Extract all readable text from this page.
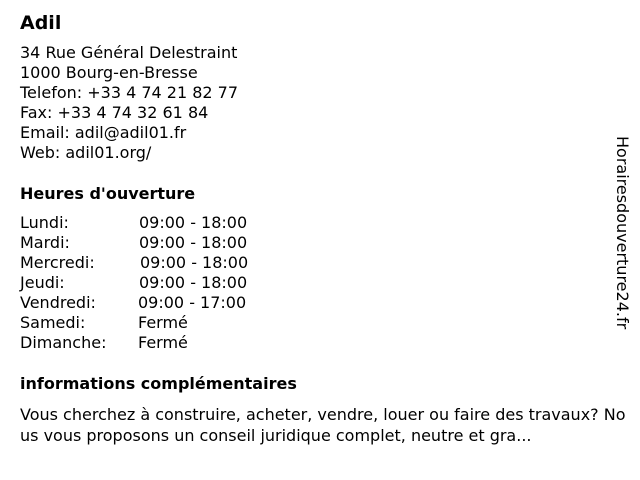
Adil
34 Rue Général Delestraint
1000 Bourg-en-Bresse
Telefon: +33 4 74 21 82 77
Fax: +33 4 74 32 61 84
Email: adil@adil01.fr
Web: adil01.org/
Heures d'ouverture
Lundi:	09:00 - 18:00
Mardi:	09:00 - 18:00
Mercredi:	09:00 - 18:00
Jeudi:	09:00 - 18:00
Vendredi:	09:00 - 17:00
Samedi:	Fermé
Dimanche: Fermé
informations complémentaires
Vous cherchez à construire, acheter, vendre, louer ou faire des travaux? Nous vous proposons un conseil juridique complet, neutre et gra...
Horairesdouverture24.fr
